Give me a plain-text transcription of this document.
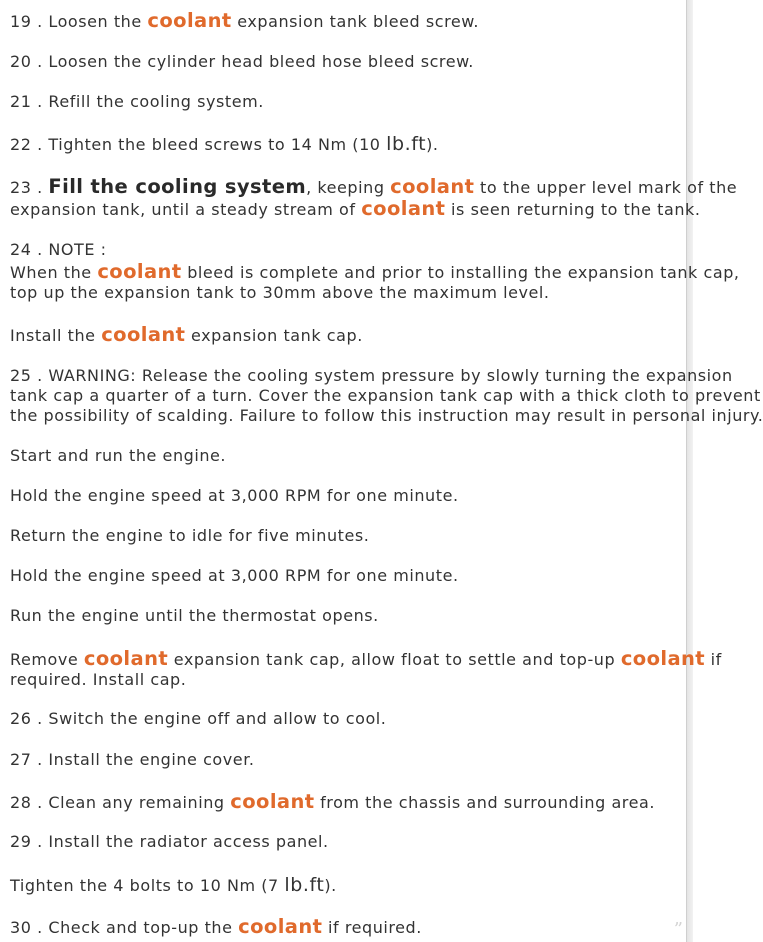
19 . Loosen the coolant expansion tank bleed screw.
20 . Loosen the cylinder head bleed hose bleed screw.
21 . Refill the cooling system.
22 . Tighten the bleed screws to 14 Nm (10 lb.ft).
23 . Fill the cooling system, keeping coolant to the upper level mark of the
expansion tank, until a steady stream of coolant is seen returning to the tank.
24 . NOTE :
When the coolant bleed is complete and prior to installing the expansion tank cap,
top up the expansion tank to 30mm above the maximum level.
Install the coolant expansion tank cap.
25 . WARNING: Release the cooling system pressure by slowly turning the expansion
tank cap a quarter of a turn. Cover the expansion tank cap with a thick cloth to prevent
the possibility of scalding. Failure to follow this instruction may result in personal injury.
Start and run the engine.
Hold the engine speed at 3,000 RPM for one minute.
Return the engine to idle for five minutes.
Hold the engine speed at 3,000 RPM for one minute.
Run the engine until the thermostat opens.
Remove coolant expansion tank cap, allow float to settle and top-up coolant if
required. Install cap.
26 . Switch the engine off and allow to cool.
27 . Install the engine cover.
28 . Clean any remaining coolant from the chassis and surrounding area.
29 . Install the radiator access panel.
Tighten the 4 bolts to 10 Nm (7 lb.ft).
30 . Check and top-up the coolant if required.	”
